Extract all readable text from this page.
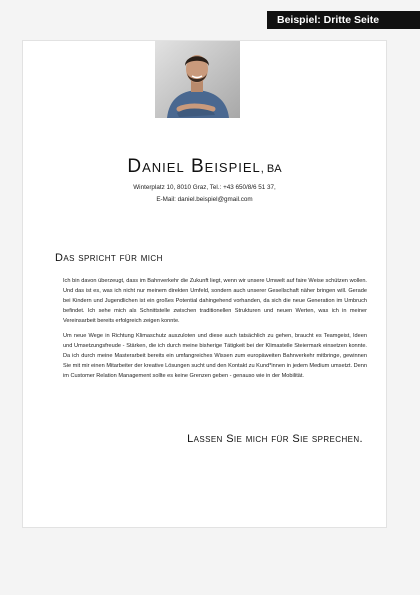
Beispiel: Dritte Seite
Daniel Beispiel, BA
Winterplatz 10, 8010 Graz, Tel.: +43 650/8/6 51 37,
E-Mail: daniel.beispiel@gmail.com
Das spricht für mich

Ich bin davon überzeugt, dass im Bahnverkehr die Zukunft liegt, wenn wir unsere Umwelt auf faire Weise schützen wollen. Und das ist es, was ich nicht nur meinem direkten Umfeld, sondern auch unserer Gesellschaft näher bringen will. Gerade bei Kindern und Jugendlichen ist ein großes Potential dahingehend vorhanden, da sich die neue Generation im Umbruch befindet. Ich sehe mich als Schnittstelle zwischen traditionellen Strukturen und neuen Werten, was ich in meiner Vereinsarbeit bereits erfolgreich zeigen konnte.

Um neue Wege in Richtung Klimaschutz auszuloten und diese auch tatsächlich zu gehen, braucht es Teamgeist, Ideen und Umsetzungsfreude - Stärken, die ich durch meine bisherige Tätigkeit bei der Klimastelle Steiermark einsetzen konnte. Da ich durch meine Masterarbeit bereits ein umfangreiches Wissen zum europäweiten Bahnverkehr mitbringe, gewinnen Sie mit mir einen Mitarbeiter der kreative Lösungen sucht und den Kontakt zu Kund*innen in jedem Medium umsetzt. Denn im Customer Relation Management sollte es keine Grenzen geben - genauso wie in der Mobilität.

Lassen Sie mich für Sie sprechen.
